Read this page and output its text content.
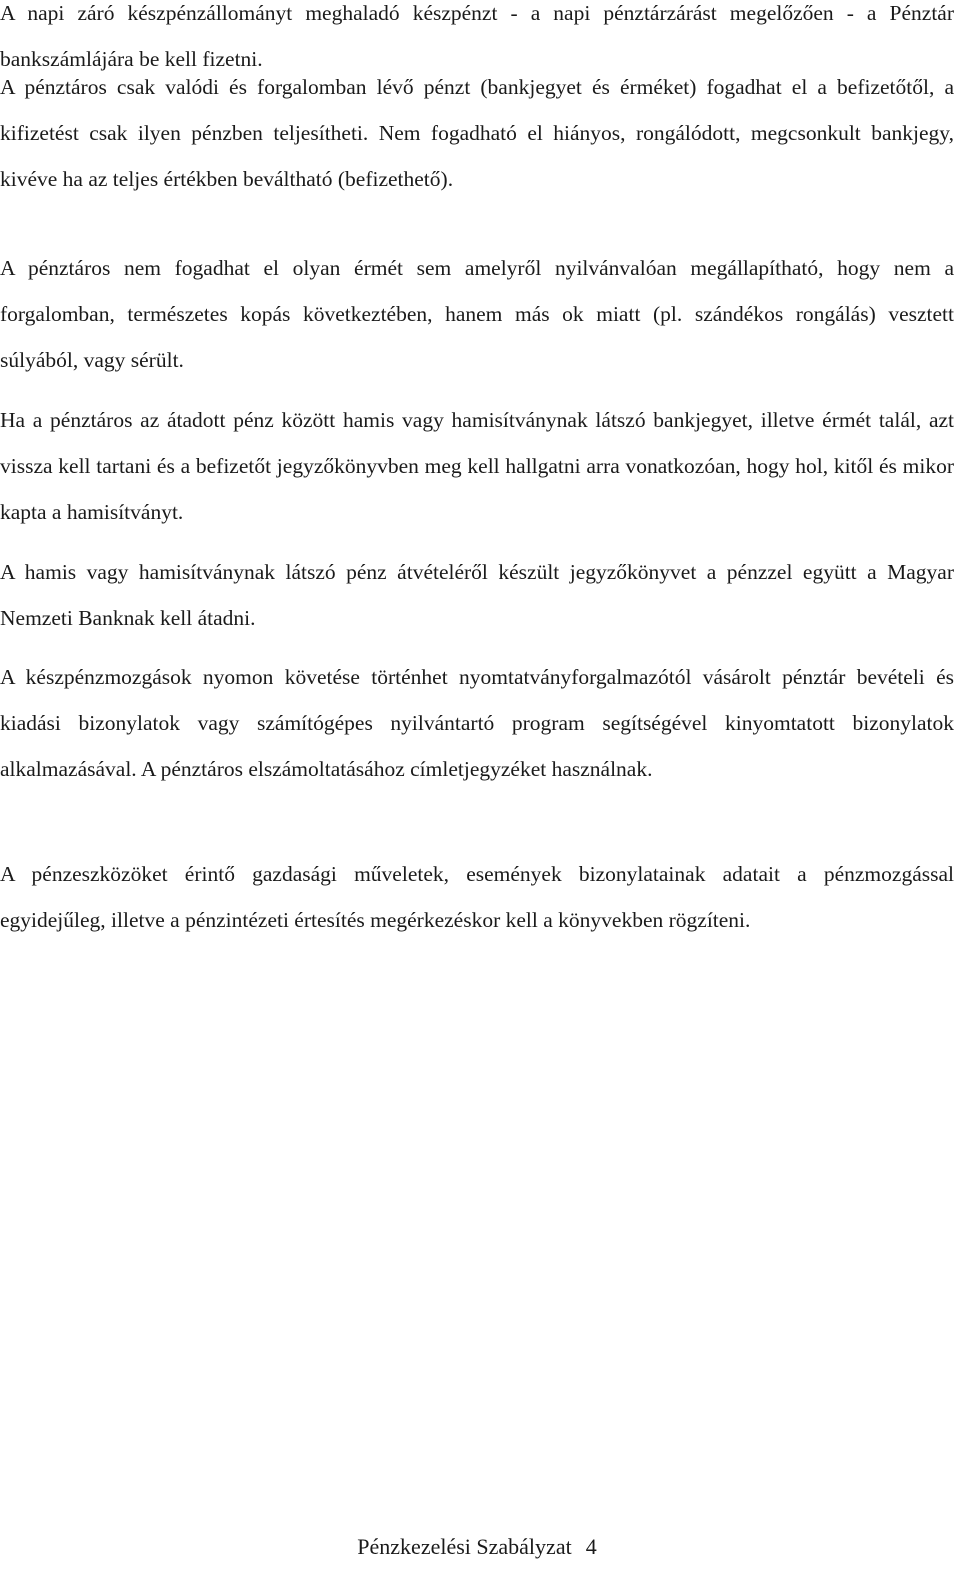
A napi záró készpénzállományt meghaladó készpénzt - a napi pénztárzárást megelőzően - a Pénztár bankszámlájára be kell fizetni.

A pénztáros csak valódi és forgalomban lévő pénzt (bankjegyet és érméket) fogadhat el a befizetőtől, a kifizetést csak ilyen pénzben teljesítheti. Nem fogadható el hiányos, rongálódott, megcsonkult bankjegy, kivéve ha az teljes értékben beváltható (befizethető).

A pénztáros nem fogadhat el olyan érmét sem amelyről nyilvánvalóan megállapítható, hogy nem a forgalomban, természetes kopás következtében, hanem más ok miatt (pl. szándékos rongálás) vesztett súlyából, vagy sérült.

Ha a pénztáros az átadott pénz között hamis vagy hamisítványnak látszó bankjegyet, illetve érmét talál, azt vissza kell tartani és a befizetőt jegyzőkönyvben meg kell hallgatni arra vonatkozóan, hogy hol, kitől és mikor kapta a hamisítványt.

A hamis vagy hamisítványnak látszó pénz átvételéről készült jegyzőkönyvet a pénzzel együtt a Magyar Nemzeti Banknak kell átadni.

A készpénzmozgások nyomon követése történhet nyomtatványforgalmazótól vásárolt pénztár bevételi és kiadási bizonylatok vagy számítógépes nyilvántartó program segítségével kinyomtatott bizonylatok alkalmazásával. A pénztáros elszámoltatásához címletjegyzéket használnak.

A pénzeszközöket érintő gazdasági műveletek, események bizonylatainak adatait a pénzmozgással egyidejűleg, illetve a pénzintézeti értesítés megérkezéskor kell a könyvekben rögzíteni.

Pénzkezelési Szabályzat 4
